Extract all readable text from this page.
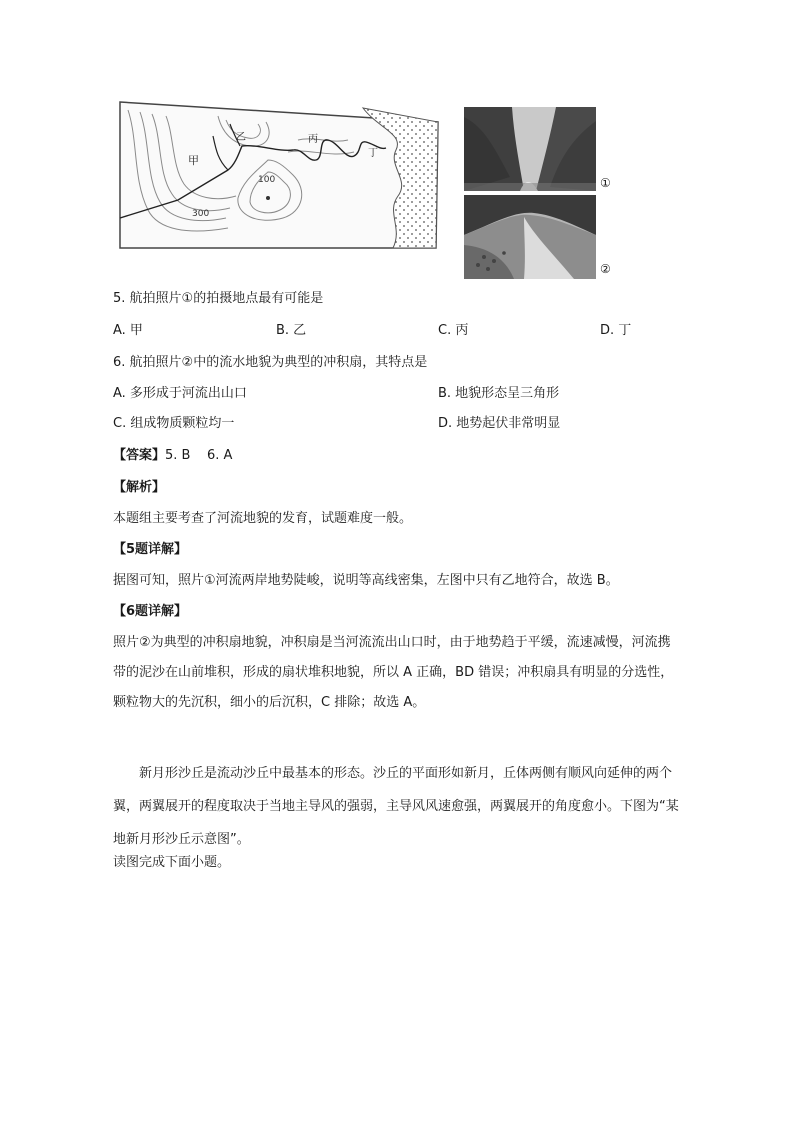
甲
乙	丙
丁
100
300
①
②
5. 航拍照片①的拍摄地点最有可能是
A. 甲	B. 乙	C. 丙	D. 丁
6. 航拍照片②中的流水地貌为典型的冲积扇，其特点是
A. 多形成于河流出山口	B. 地貌形态呈三角形
C. 组成物质颗粒均一	D. 地势起伏非常明显
【答案】5. B    6. A
【解析】
本题组主要考查了河流地貌的发育，试题难度一般。
【5题详解】
据图可知，照片①河流两岸地势陡峻，说明等高线密集，左图中只有乙地符合，故选 B。
【6题详解】
照片②为典型的冲积扇地貌，冲积扇是当河流流出山口时，由于地势趋于平缓，流速减慢，河流携带的泥沙在山前堆积，形成的扇状堆积地貌，所以 A 正确，BD 错误；冲积扇具有明显的分选性，颗粒物大的先沉积，细小的后沉积，C 排除；故选 A。
新月形沙丘是流动沙丘中最基本的形态。沙丘的平面形如新月，丘体两侧有顺风向延伸的两个翼，两翼展开的程度取决于当地主导风的强弱，主导风风速愈强，两翼展开的角度愈小。下图为“某地新月形沙丘示意图”。
读图完成下面小题。
